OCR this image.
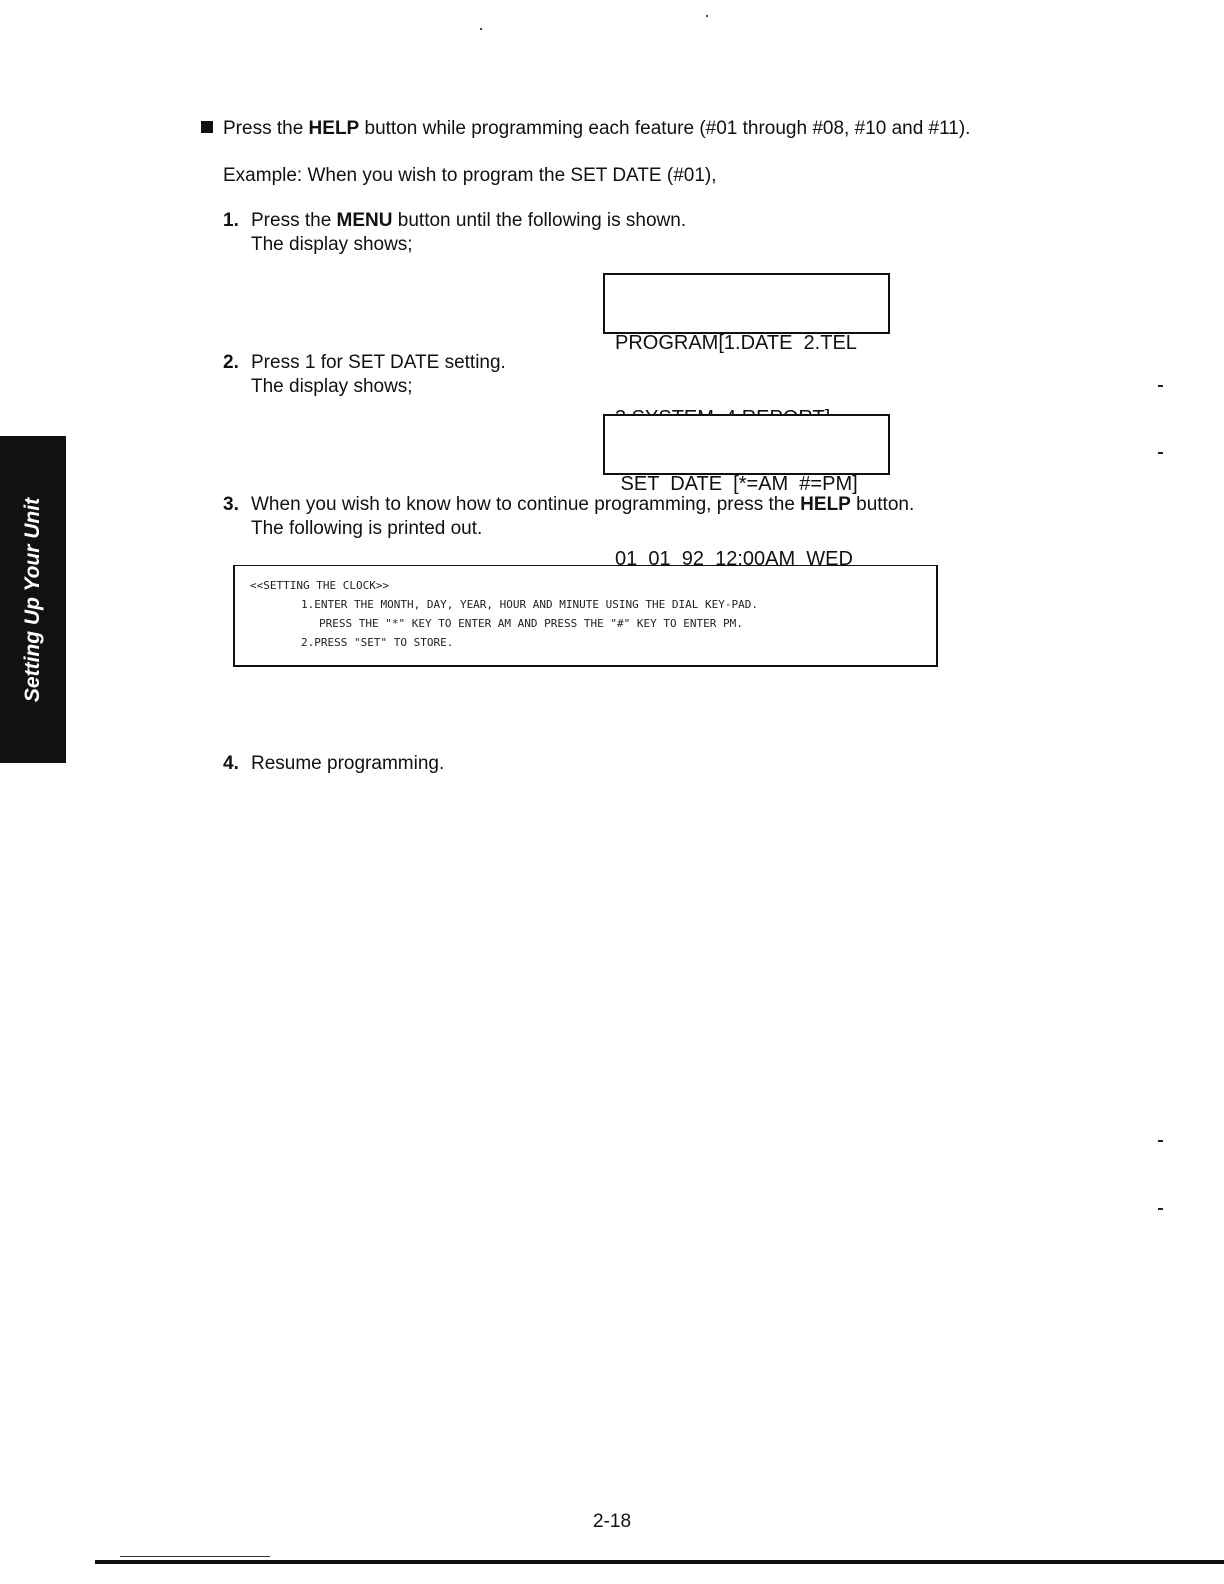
Setting Up Your Unit
Press the HELP button while programming each feature (#01 through #08, #10 and #11).
Example: When you wish to program the SET DATE (#01),
1. Press the MENU button until the following is shown.
The display shows;

PROGRAM[1.DATE  2.TEL

2. Press 1 for SET DATE setting.
The display shows;

SET  DATE  [*=AM  #=PM]

01  01  92  12:00AM  WED

3. When you wish to know how to continue programming, press the HELP button.
The following is printed out.

<<SETTING THE CLOCK>>

1.ENTER THE MONTH, DAY, YEAR, HOUR AND MINUTE USING THE DIAL KEY-PAD.

PRESS THE "*" KEY TO ENTER AM AND PRESS THE "#" KEY TO ENTER PM.

2.PRESS "SET" TO STORE.

4. Resume programming.
2-18
